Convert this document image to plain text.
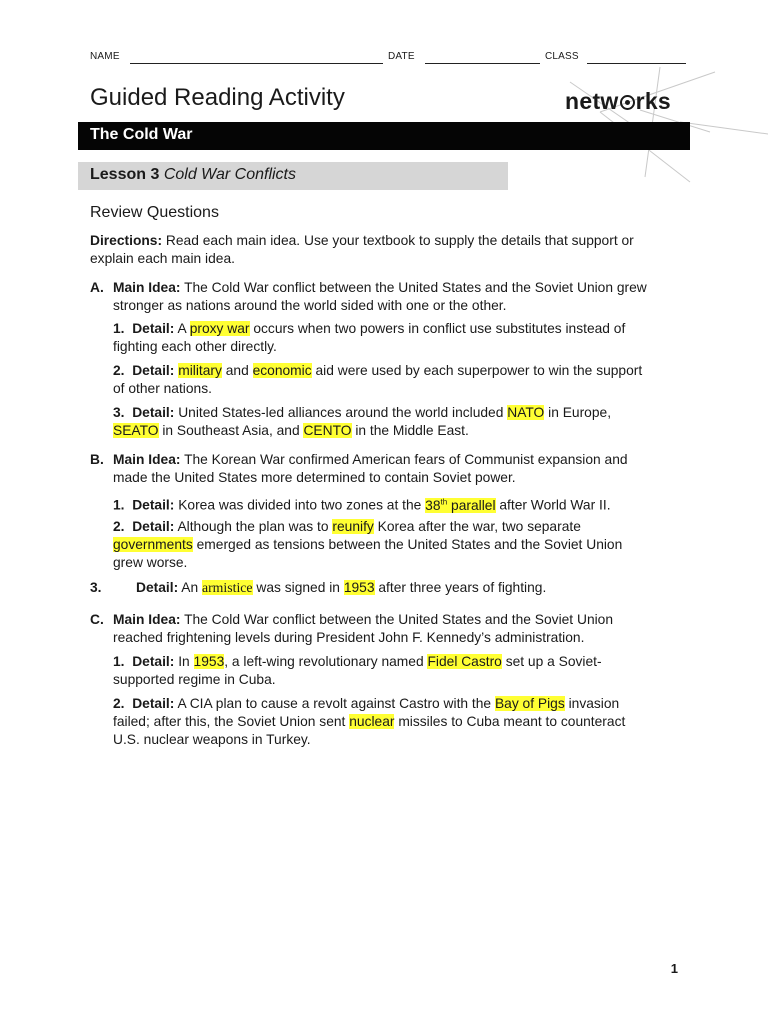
NAME	DATE	CLASS
Guided Reading Activity	netw rks
The Cold War
Lesson 3 Cold War Conflicts
Review Questions
Directions: Read each main idea. Use your textbook to supply the details that support or
explain each main idea.
A. Main Idea: The Cold War conflict between the United States and the Soviet Union grew
stronger as nations around the world sided with one or the other.
1. Detail: A proxy war occurs when two powers in conflict use substitutes instead of
fighting each other directly.
2. Detail: military and economic aid were used by each superpower to win the support
of other nations.
3. Detail: United States-led alliances around the world included NATO in Europe,
SEATO in Southeast Asia, and CENTO in the Middle East.
B. Main Idea: The Korean War confirmed American fears of Communist expansion and
made the United States more determined to contain Soviet power.
1. Detail: Korea was divided into two zones at the 38th parallel after World War II.
2. Detail: Although the plan was to reunify Korea after the war, two separate
governments emerged as tensions between the United States and the Soviet Union
grew worse.
3. Detail: An armistice was signed in 1953 after three years of fighting.
C. Main Idea: The Cold War conflict between the United States and the Soviet Union
reached frightening levels during President John F. Kennedy’s administration.
1. Detail: In 1953, a left-wing revolutionary named Fidel Castro set up a Soviet-
supported regime in Cuba.
2. Detail: A CIA plan to cause a revolt against Castro with the Bay of Pigs invasion
failed; after this, the Soviet Union sent nuclear missiles to Cuba meant to counteract
U.S. nuclear weapons in Turkey.
1
